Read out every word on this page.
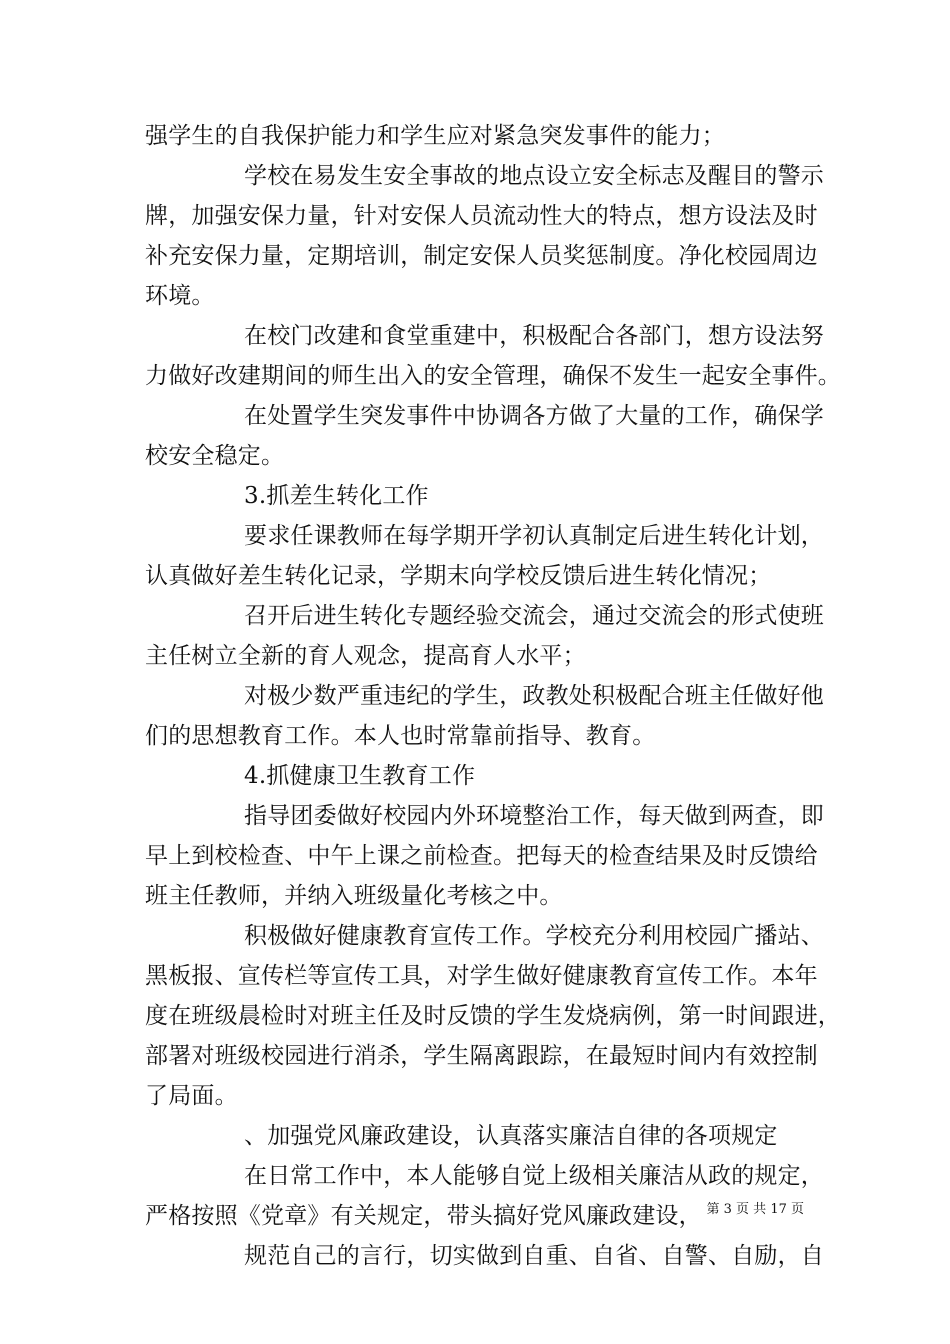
强学生的自我保护能力和学生应对紧急突发事件的能力；
学校在易发生安全事故的地点设立安全标志及醒目的警示
牌，加强安保力量，针对安保人员流动性大的特点，想方设法及时
补充安保力量，定期培训，制定安保人员奖惩制度。净化校园周边
环境。
在校门改建和食堂重建中，积极配合各部门，想方设法努
力做好改建期间的师生出入的安全管理，确保不发生一起安全事件。
在处置学生突发事件中协调各方做了大量的工作，确保学
校安全稳定。
3.抓差生转化工作
要求任课教师在每学期开学初认真制定后进生转化计划，
认真做好差生转化记录，学期末向学校反馈后进生转化情况；
召开后进生转化专题经验交流会，通过交流会的形式使班
主任树立全新的育人观念，提高育人水平；
对极少数严重违纪的学生，政教处积极配合班主任做好他
们的思想教育工作。本人也时常靠前指导、教育。
4.抓健康卫生教育工作
指导团委做好校园内外环境整治工作，每天做到两查，即
早上到校检查、中午上课之前检查。把每天的检查结果及时反馈给
班主任教师，并纳入班级量化考核之中。
积极做好健康教育宣传工作。学校充分利用校园广播站、
黑板报、宣传栏等宣传工具，对学生做好健康教育宣传工作。本年
度在班级晨检时对班主任及时反馈的学生发烧病例，第一时间跟进，
部署对班级校园进行消杀，学生隔离跟踪，在最短时间内有效控制
了局面。
、加强党风廉政建设，认真落实廉洁自律的各项规定
在日常工作中，本人能够自觉上级相关廉洁从政的规定，
严格按照《党章》有关规定，带头搞好党风廉政建设，
规范自己的言行，切实做到自重、自省、自警、自励，自
第 3 页 共 17 页
